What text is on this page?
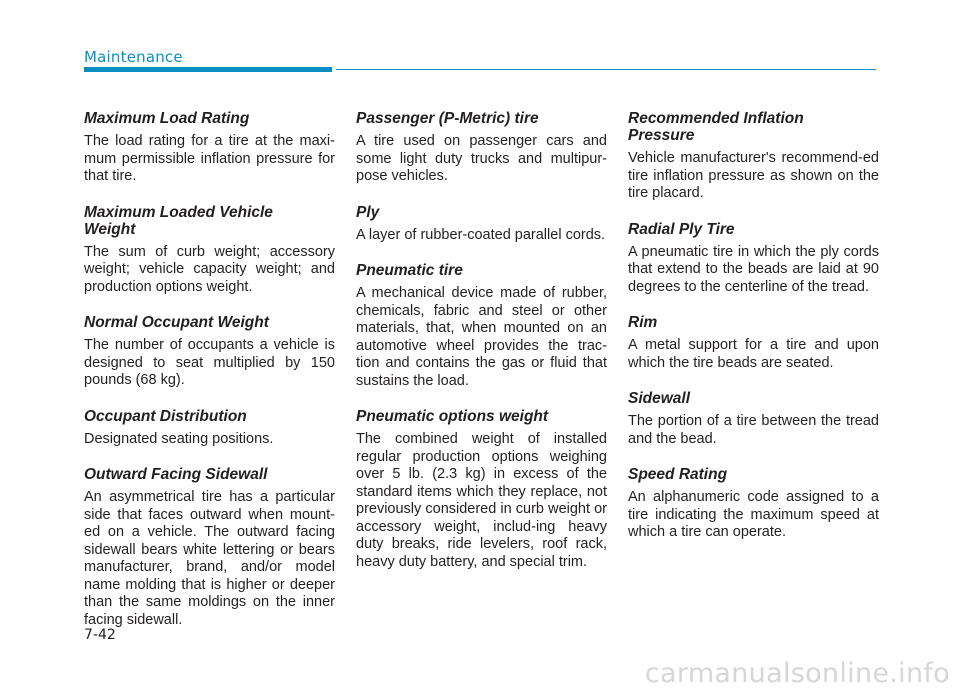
Maintenance
Maximum Load Rating

The load rating for a tire at the maxi-mum permissible inflation pressure for that tire.

Maximum Loaded Vehicle Weight

The sum of curb weight; accessory weight; vehicle capacity weight; and production options weight.

Normal Occupant Weight

The number of occupants a vehicle is designed to seat multiplied by 150 pounds (68 kg).

Occupant Distribution

Designated seating positions.

Outward Facing Sidewall

An asymmetrical tire has a particular side that faces outward when mount-ed on a vehicle. The outward facing sidewall bears white lettering or bears manufacturer, brand, and/or model name molding that is higher or deeper than the same moldings on the inner facing sidewall.

Passenger (P-Metric) tire

A tire used on passenger cars and some light duty trucks and multipur-pose vehicles.

Ply

A layer of rubber-coated parallel cords.

Pneumatic tire

A mechanical device made of rubber, chemicals, fabric and steel or other materials, that, when mounted on an automotive wheel provides the trac-tion and contains the gas or fluid that sustains the load.

Pneumatic options weight

The combined weight of installed regular production options weighing over 5 lb. (2.3 kg) in excess of the standard items which they replace, not previously considered in curb weight or accessory weight, includ-ing heavy duty breaks, ride levelers, roof rack, heavy duty battery, and special trim.

Recommended Inflation Pressure

Vehicle manufacturer's recommend-ed tire inflation pressure as shown on the tire placard.

Radial Ply Tire

A pneumatic tire in which the ply cords that extend to the beads are laid at 90 degrees to the centerline of the tread.

Rim

A metal support for a tire and upon which the tire beads are seated.

Sidewall

The portion of a tire between the tread and the bead.

Speed Rating

An alphanumeric code assigned to a tire indicating the maximum speed at which a tire can operate.

7-42
carmanualsonline.info
